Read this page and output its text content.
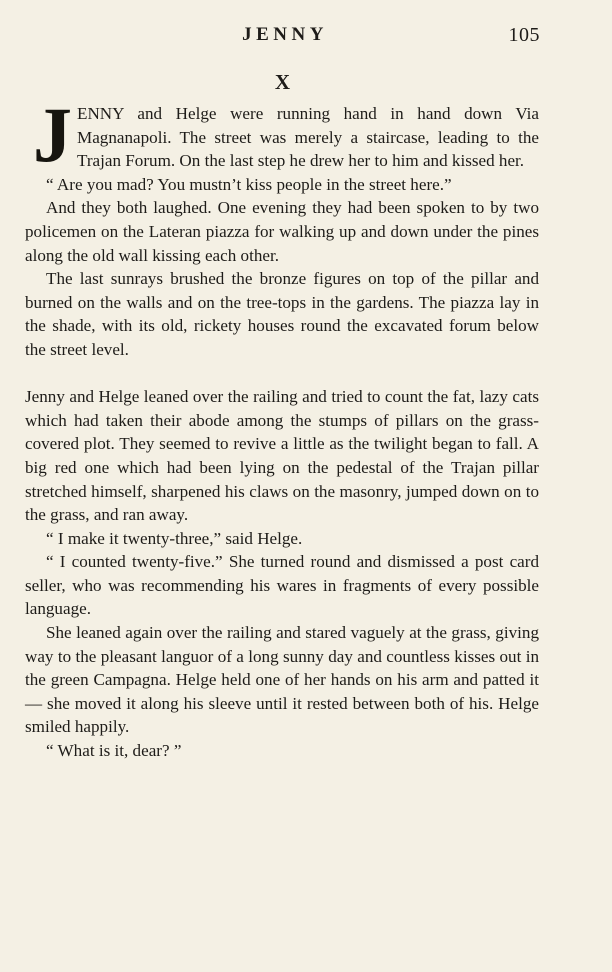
JENNY	105
X

JENNY and Helge were running hand in hand down Via Magnanapoli. The street was merely a staircase, leading to the Trajan Forum. On the last step he drew her to him and kissed her.

“ Are you mad? You mustn’t kiss people in the street here.”

And they both laughed. One evening they had been spoken to by two policemen on the Lateran piazza for walking up and down under the pines along the old wall kissing each other.

The last sunrays brushed the bronze figures on top of the pillar and burned on the walls and on the tree-tops in the gardens. The piazza lay in the shade, with its old, rickety houses round the excavated forum below the street level.

Jenny and Helge leaned over the railing and tried to count the fat, lazy cats which had taken their abode among the stumps of pillars on the grass-covered plot. They seemed to revive a little as the twilight began to fall. A big red one which had been lying on the pedestal of the Trajan pillar stretched himself, sharpened his claws on the masonry, jumped down on to the grass, and ran away.

“ I make it twenty-three,” said Helge.

“ I counted twenty-five.” She turned round and dismissed a post card seller, who was recommending his wares in fragments of every possible language.

She leaned again over the railing and stared vaguely at the grass, giving way to the pleasant languor of a long sunny day and countless kisses out in the green Campagna. Helge held one of her hands on his arm and patted it — she moved it along his sleeve until it rested between both of his. Helge smiled happily.

“ What is it, dear? ”
